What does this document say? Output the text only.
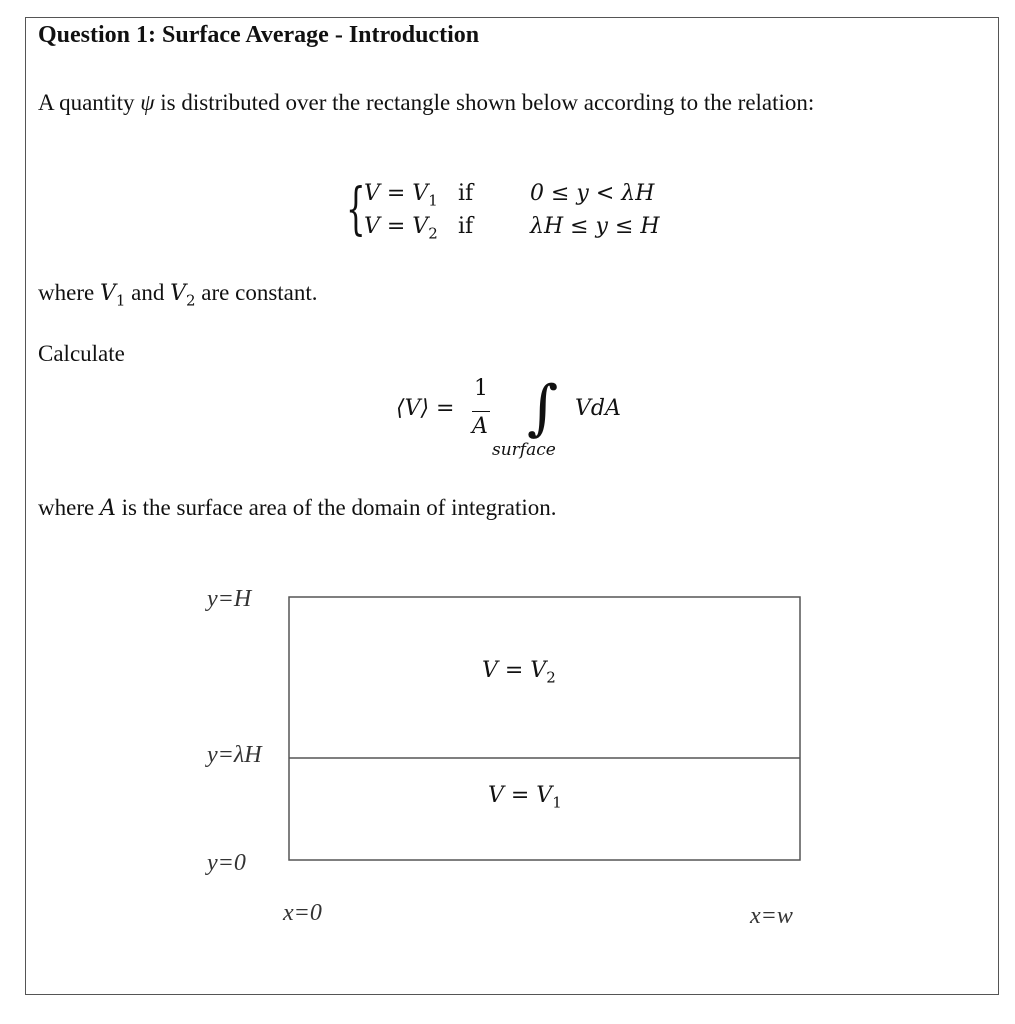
Question 1: Surface Average - Introduction
A quantity ψ is distributed over the rectangle shown below according to the relation:
{
$V = V_1$ if	0 ≤ y < λH
$V = V_2$ if	λH ≤ y ≤ H
where $V_1$ and $V_2$ are constant.
Calculate
⟨V⟩ =
1
A ∫ VdA
surface
where A is the surface area of the domain of integration.
y=H
y=λH
y=0
x=0	x=w
$V = V_2$
$V = V_1$
